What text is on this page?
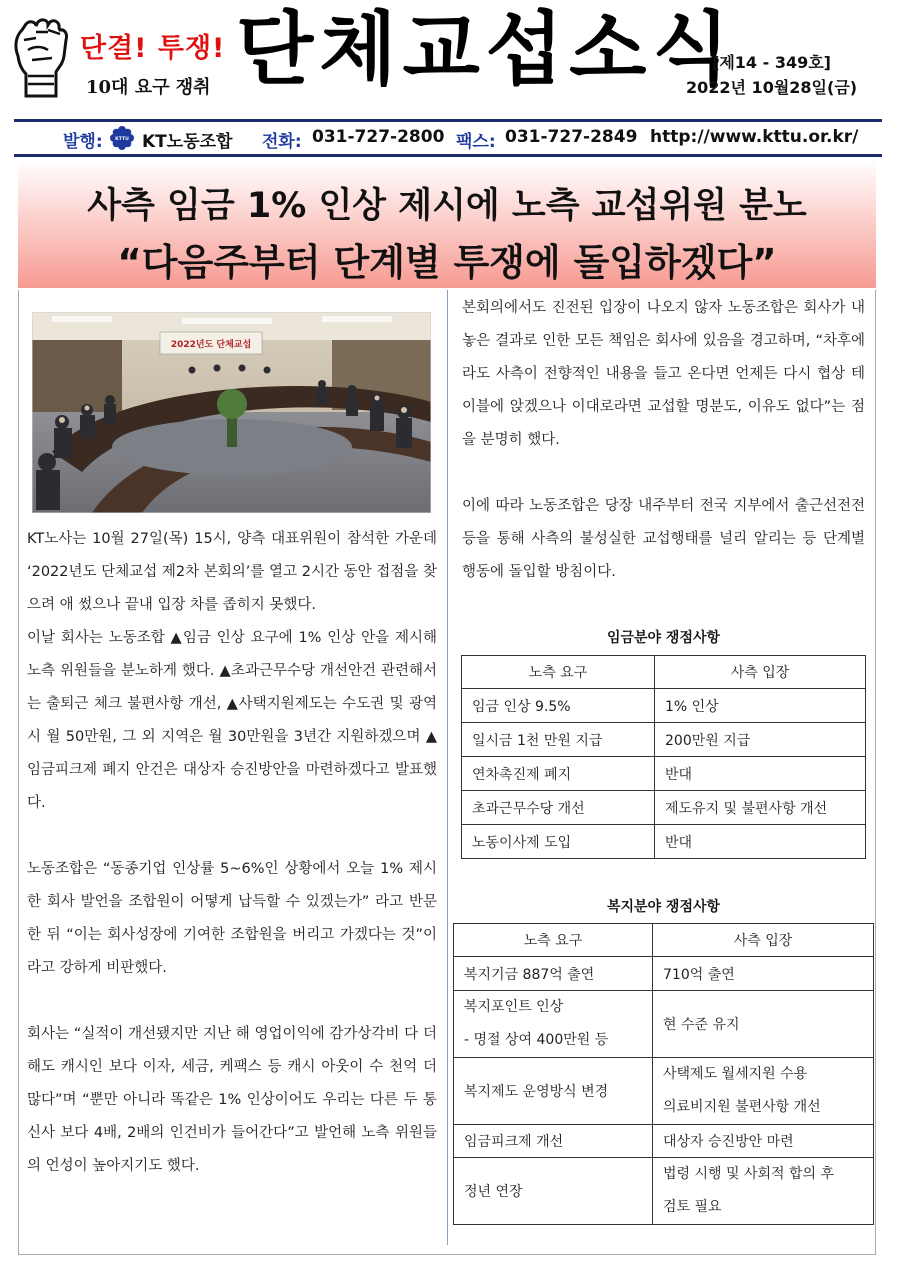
단결! 투쟁!
10대 요구 쟁취 단체교섭소식
[제14 - 349호]
2022년 10월28일(금)
발행:	KTTU KT노동조합 전화: 031-727-2800 팩스: 031-727-2849 http://www.kttu.or.kr/
사측 임금 1% 인상 제시에 노측 교섭위원 분노
“다음주부터 단계별 투쟁에 돌입하겠다”
2022년도 단체교섭

KT노사는 10월 27일(목) 15시, 양측 대표위원이 참석한 가운데 ‘2022년도 단체교섭 제2차 본회의’를 열고 2시간 동안 접점을 찾으려 애 썼으나 끝내 입장 차를 좁히지 못했다.

이날 회사는 노동조합 ▲임금 인상 요구에 1% 인상 안을 제시해 노측 위원들을 분노하게 했다. ▲초과근무수당 개선안건 관련해서는 출퇴근 체크 불편사항 개선, ▲사택지원제도는 수도권 및 광역시 월 50만원, 그 외 지역은 월 30만원을 3년간 지원하겠으며 ▲임금피크제 폐지 안건은 대상자 승진방안을 마련하겠다고 발표했다.

노동조합은 “동종기업 인상률 5~6%인 상황에서 오늘 1% 제시한 회사 발언을 조합원이 어떻게 납득할 수 있겠는가” 라고 반문한 뒤 “이는 회사성장에 기여한 조합원을 버리고 가겠다는 것”이라고 강하게 비판했다.

회사는 “실적이 개선됐지만 지난 해 영업이익에 감가상각비 다 더해도 캐시인 보다 이자, 세금, 케팩스 등 캐시 아웃이 수 천억 더 많다”며 “뿐만 아니라 똑같은 1% 인상이어도 우리는 다른 두 통신사 보다 4배, 2배의 인건비가 들어간다”고 발언해 노측 위원들의 언성이 높아지기도 했다.

본회의에서도 진전된 입장이 나오지 않자 노동조합은 회사가 내놓은 결과로 인한 모든 책임은 회사에 있음을 경고하며, “차후에라도 사측이 전향적인 내용을 들고 온다면 언제든 다시 협상 테이블에 앉겠으나 이대로라면 교섭할 명분도, 이유도 없다”는 점을 분명히 했다.

이에 따라 노동조합은 당장 내주부터 전국 지부에서 출근선전전 등을 통해 사측의 불성실한 교섭행태를 널리 알리는 등 단계별 행동에 돌입할 방침이다.

임금분야 쟁점사항
노측 요구	사측 입장
임금 인상 9.5%	1% 인상
일시금 1천 만원 지급	200만원 지급
연차촉진제 폐지	반대
초과근무수당 개선	제도유지 및 불편사항 개선
노동이사제 도입	반대
복지분야 쟁점사항
노측 요구	사측 입장
복지기금 887억 출연	710억 출연

복지포인트 인상
- 명절 상여 400만원 등	현 수준 유지
복지제도 운영방식 변경	사택제도 월세지원 수용
의료비지원 불편사항 개선

임금피크제 개선	대상자 승진방안 마련
정년 연장	법령 시행 및 사회적 합의 후
검토 필요
